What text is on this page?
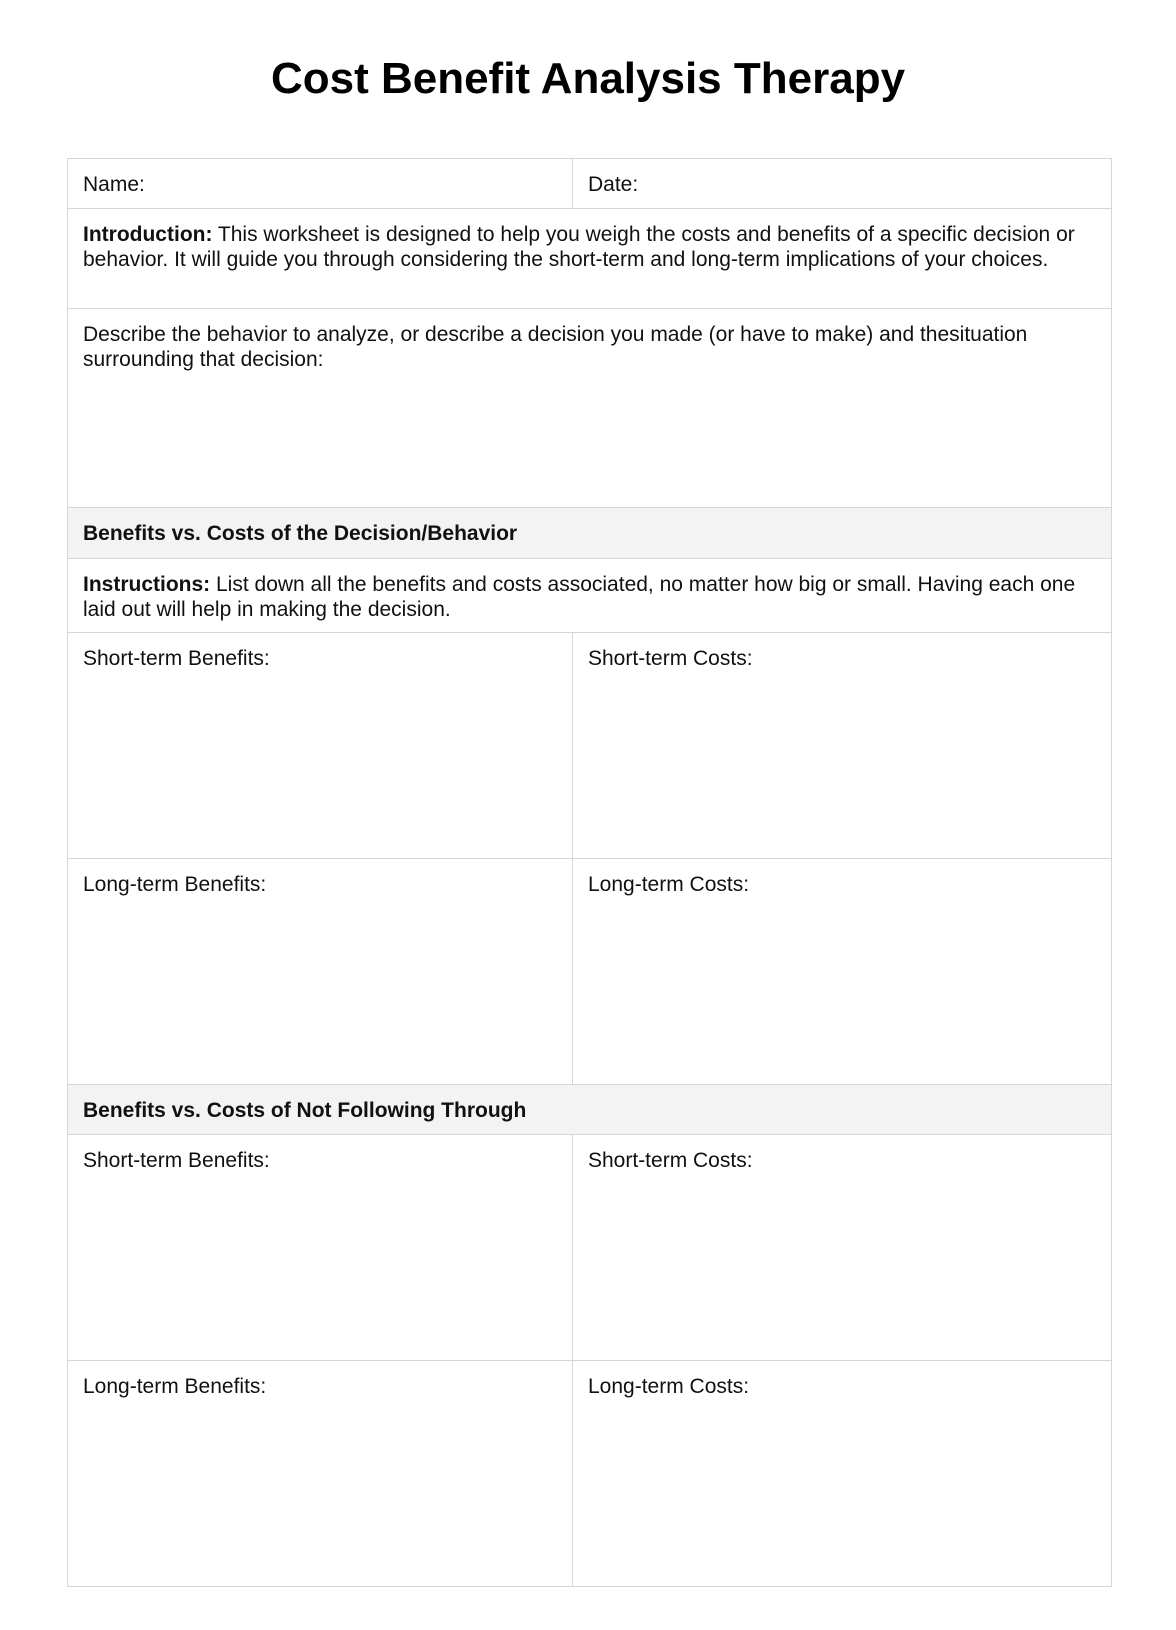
Cost Benefit Analysis Therapy
Name:	Date:
Introduction: This worksheet is designed to help you weigh the costs and benefits of a specific decision or behavior. It will guide you through considering the short-term and long-term implications of your choices.	
Describe the behavior to analyze, or describe a decision you made (or have to make) and thesituation surrounding that decision:	
Benefits vs. Costs of the Decision/Behavior	
Instructions: List down all the benefits and costs associated, no matter how big or small. Having each one laid out will help in making the decision.	
Short-term Benefits:	Short-term Costs:
Long-term Benefits:	Long-term Costs:
Benefits vs. Costs of Not Following Through	
Short-term Benefits:	Short-term Costs:
Long-term Benefits:	Long-term Costs:
